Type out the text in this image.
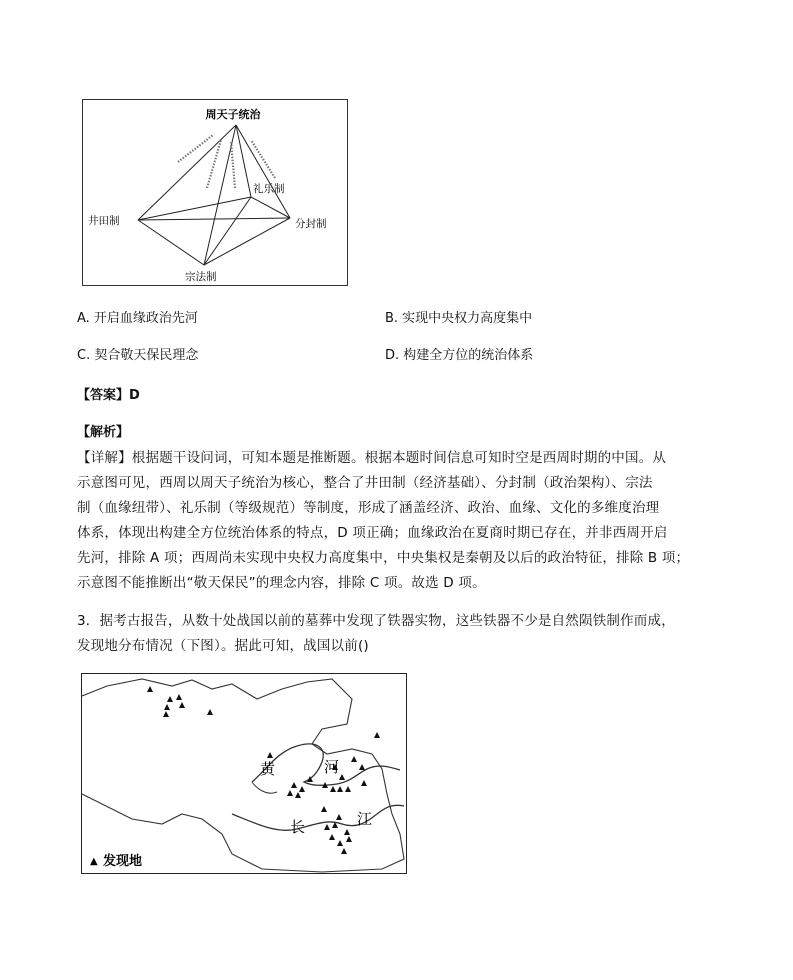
周天子统治
井田制	分封制
礼乐制
宗法制
A. 开启血缘政治先河	B. 实现中央权力高度集中
C. 契合敬天保民理念	D. 构建全方位的统治体系
【答案】D
【解析】
【详解】根据题干设问词，可知本题是推断题。根据本题时间信息可知时空是西周时期的中国。从
示意图可见，西周以周天子统治为核心，整合了井田制（经济基础）、分封制（政治架构）、宗法
制（血缘纽带）、礼乐制（等级规范）等制度，形成了涵盖经济、政治、血缘、文化的多维度治理
体系，体现出构建全方位统治体系的特点，D 项正确；血缘政治在夏商时期已存在，并非西周开启
先河，排除 A 项；西周尚未实现中央权力高度集中，中央集权是秦朝及以后的政治特征，排除 B 项；
示意图不能推断出“敬天保民”的理念内容，排除 C 项。故选 D 项。
3．据考古报告，从数十处战国以前的墓葬中发现了铁器实物，这些铁器不少是自然陨铁制作而成，
发现地分布情况（下图）。据此可知，战国以前()
黄	河
长	江
▲ 发现地
